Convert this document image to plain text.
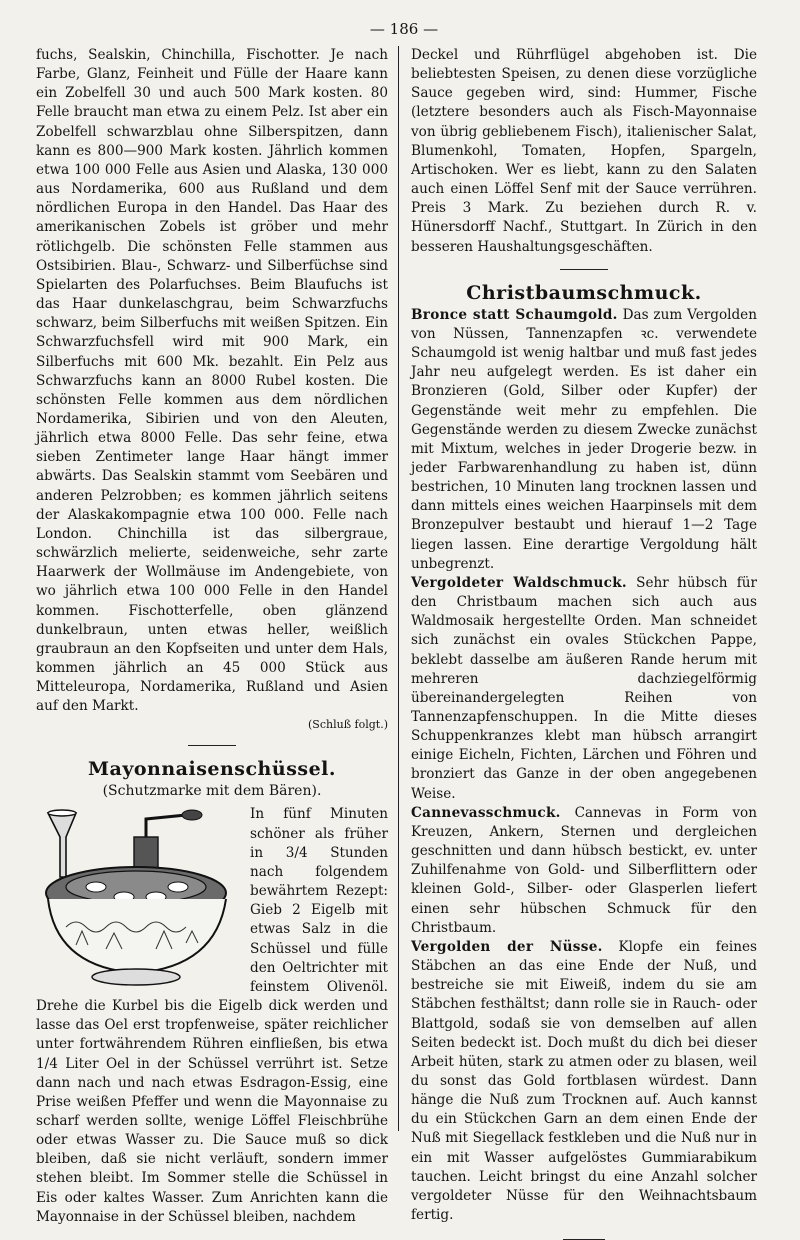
— 186 —

fuchs, Sealskin, Chinchilla, Fischotter. Je nach Farbe, Glanz, Feinheit und Fülle der Haare kann ein Zobelfell 30 und auch 500 Mark kosten. 80 Felle braucht man etwa zu einem Pelz. Ist aber ein Zobelfell schwarzblau ohne Silberspitzen, dann kann es 800—900 Mark kosten. Jährlich kommen etwa 100 000 Felle aus Asien und Alaska, 130 000 aus Nordamerika, 600 aus Rußland und dem nördlichen Europa in den Handel. Das Haar des amerikanischen Zobels ist gröber und mehr rötlichgelb. Die schönsten Felle stammen aus Ostsibirien. Blau-, Schwarz- und Silberfüchse sind Spielarten des Polarfuchses. Beim Blaufuchs ist das Haar dunkelaschgrau, beim Schwarzfuchs schwarz, beim Silberfuchs mit weißen Spitzen. Ein Schwarzfuchsfell wird mit 900 Mark, ein Silberfuchs mit 600 Mk. bezahlt. Ein Pelz aus Schwarzfuchs kann an 8000 Rubel kosten. Die schönsten Felle kommen aus dem nördlichen Nordamerika, Sibirien und von den Aleuten, jährlich etwa 8000 Felle. Das sehr feine, etwa sieben Zentimeter lange Haar hängt immer abwärts. Das Sealskin stammt vom Seebären und anderen Pelzrobben; es kommen jährlich seitens der Alaskakompagnie etwa 100 000. Felle nach London. Chinchilla ist das silbergraue, schwärzlich melierte, seidenweiche, sehr zarte Haarwerk der Wollmäuse im Andengebiete, von wo jährlich etwa 100 000 Felle in den Handel kommen. Fischotterfelle, oben glänzend dunkelbraun, unten etwas heller, weißlich graubraun an den Kopfseiten und unter dem Hals, kommen jährlich an 45 000 Stück aus Mitteleuropa, Nordamerika, Rußland und Asien auf den Markt.

(Schluß folgt.)
Mayonnaisenschüssel.
(Schutzmarke mit dem Bären).

In fünf Minuten schöner als früher in 3/4 Stunden nach folgendem bewährtem Rezept: Gieb 2 Eigelb mit etwas Salz in die Schüssel und fülle den Oeltrichter mit feinstem Olivenöl. Drehe die Kurbel bis die Eigelb dick werden und lasse das Oel erst tropfenweise, später reichlicher unter fortwährendem Rühren einfließen, bis etwa 1/4 Liter Oel in der Schüssel verrührt ist. Setze dann nach und nach etwas Esdragon-Essig, eine Prise weißen Pfeffer und wenn die Mayonnaise zu scharf werden sollte, wenige Löffel Fleischbrühe oder etwas Wasser zu. Die Sauce muß so dick bleiben, daß sie nicht verläuft, sondern immer stehen bleibt. Im Sommer stelle die Schüssel in Eis oder kaltes Wasser. Zum Anrichten kann die Mayonnaise in der Schüssel bleiben, nachdem

Deckel und Rührflügel abgehoben ist. Die beliebtesten Speisen, zu denen diese vorzügliche Sauce gegeben wird, sind: Hummer, Fische (letztere besonders auch als Fisch-Mayonnaise von übrig gebliebenem Fisch), italienischer Salat, Blumenkohl, Tomaten, Hopfen, Spargeln, Artischoken. Wer es liebt, kann zu den Salaten auch einen Löffel Senf mit der Sauce verrühren. Preis 3 Mark. Zu beziehen durch R. v. Hünersdorff Nachf., Stuttgart. In Zürich in den besseren Haushaltungsgeschäften.

Christbaumschmuck.

Bronce statt Schaumgold. Das zum Vergolden von Nüssen, Tannenzapfen ꝛc. verwendete Schaumgold ist wenig haltbar und muß fast jedes Jahr neu aufgelegt werden. Es ist daher ein Bronzieren (Gold, Silber oder Kupfer) der Gegenstände weit mehr zu empfehlen. Die Gegenstände werden zu diesem Zwecke zunächst mit Mixtum, welches in jeder Drogerie bezw. in jeder Farbwarenhandlung zu haben ist, dünn bestrichen, 10 Minuten lang trocknen lassen und dann mittels eines weichen Haarpinsels mit dem Bronzepulver bestaubt und hierauf 1—2 Tage liegen lassen. Eine derartige Vergoldung hält unbegrenzt.

Vergoldeter Waldschmuck. Sehr hübsch für den Christbaum machen sich auch aus Waldmosaik hergestellte Orden. Man schneidet sich zunächst ein ovales Stückchen Pappe, beklebt dasselbe am äußeren Rande herum mit mehreren dachziegelförmig übereinandergelegten Reihen von Tannenzapfenschuppen. In die Mitte dieses Schuppenkranzes klebt man hübsch arrangirt einige Eicheln, Fichten, Lärchen und Föhren und bronziert das Ganze in der oben angegebenen Weise.

Cannevasschmuck. Cannevas in Form von Kreuzen, Ankern, Sternen und dergleichen geschnitten und dann hübsch bestickt, ev. unter Zuhilfenahme von Gold- und Silberflittern oder kleinen Gold-, Silber- oder Glasperlen liefert einen sehr hübschen Schmuck für den Christbaum.

Vergolden der Nüsse. Klopfe ein feines Stäbchen an das eine Ende der Nuß, und bestreiche sie mit Eiweiß, indem du sie am Stäbchen festhältst; dann rolle sie in Rauch- oder Blattgold, sodaß sie von demselben auf allen Seiten bedeckt ist. Doch mußt du dich bei dieser Arbeit hüten, stark zu atmen oder zu blasen, weil du sonst das Gold fortblasen würdest. Dann hänge die Nuß zum Trocknen auf. Auch kannst du ein Stückchen Garn an dem einen Ende der Nuß mit Siegellack festkleben und die Nuß nur in ein mit Wasser aufgelöstes Gummiarabikum tauchen. Leicht bringst du eine Anzahl solcher vergoldeter Nüsse für den Weihnachtsbaum fertig.
